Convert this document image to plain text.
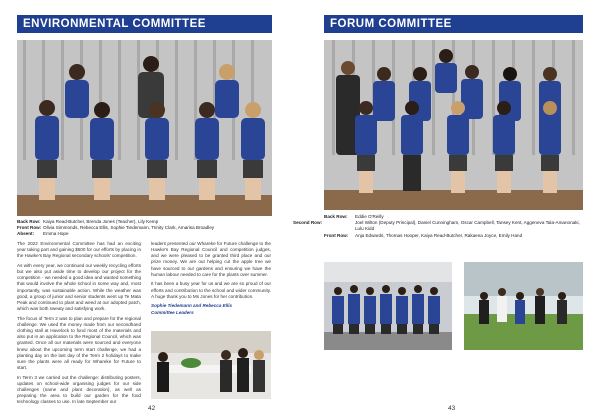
ENVIRONMENTAL COMMITTEE
Back Row: Kaiya Read-Butcher, Brenda Jones (Teacher), Lily Kemp
Front Row: Olivia Simmonds, Rebecca Ellis, Sophie Tiedemann, Trinity Clark, Amarisa Broadley
Absent: Emma Hope

The 2022 Environmental Committee has had an exciting year taking part and gaining $500 for our efforts by placing in the Hawke's Bay Regional secondary schools' competition.

As with every year, we continued our weekly recycling efforts but we also put aside time to develop our project for the competition - we needed a good idea and wanted something that would involve the whole school in some way and, most importantly, was sustainable action. While the weather was good, a group of junior and senior students went up Te Mata Peak and continued to plant and weed at our adopted patch, which was both sweaty and satisfying work.

The focus of Term 2 was to plan and prepare for the regional challenge. We used the money made from our secondhand clothing stall at Havelock to fund most of the materials and also put in an application to the Regional Council, which was granted. Once all our materials were sourced and everyone knew about the upcoming term start challenge, we had a planting day on the last day of the Term 2 holidays to make sure the plants were all ready for Whareke for Future to start.

In Term 3 we carried out the challenge: distributing posters, updates on school-wide organising judges for our side challenges (name and plant decoration), as well as preparing the area to build our garden for the food technology classes to use. In late September our

leaders presented our Whareke for Future challenge to the Hawke's Bay Regional Council and competition judges, and we were pleased to be granted third place and our prize money. We are out helping cut the apple tree we have sourced to our gardens and ensuring we have the human labour needed to care for the plants over summer.

It has been a busy year for us and we are so proud of our efforts and contribution to the school and wider community. A huge thank you to Ms Jones for her contribution.

Sophie Tiedemann and Rebecca Ellis
Committee Leaders

42
FORUM COMMITTEE
Back Row: Eddie O'Reilly
Second Row:	Joel Wilton (Deputy Principal), Daniel Cunningham, Oscar Campbell, Tansey Kent, Aggeneva Tala-Amanonaki, Lulu Kidd
Front Row: Anja Edwards, Thomas Hooper, Kaiya Read-Butcher, Rakaena Joyce, Emily Hand
43
